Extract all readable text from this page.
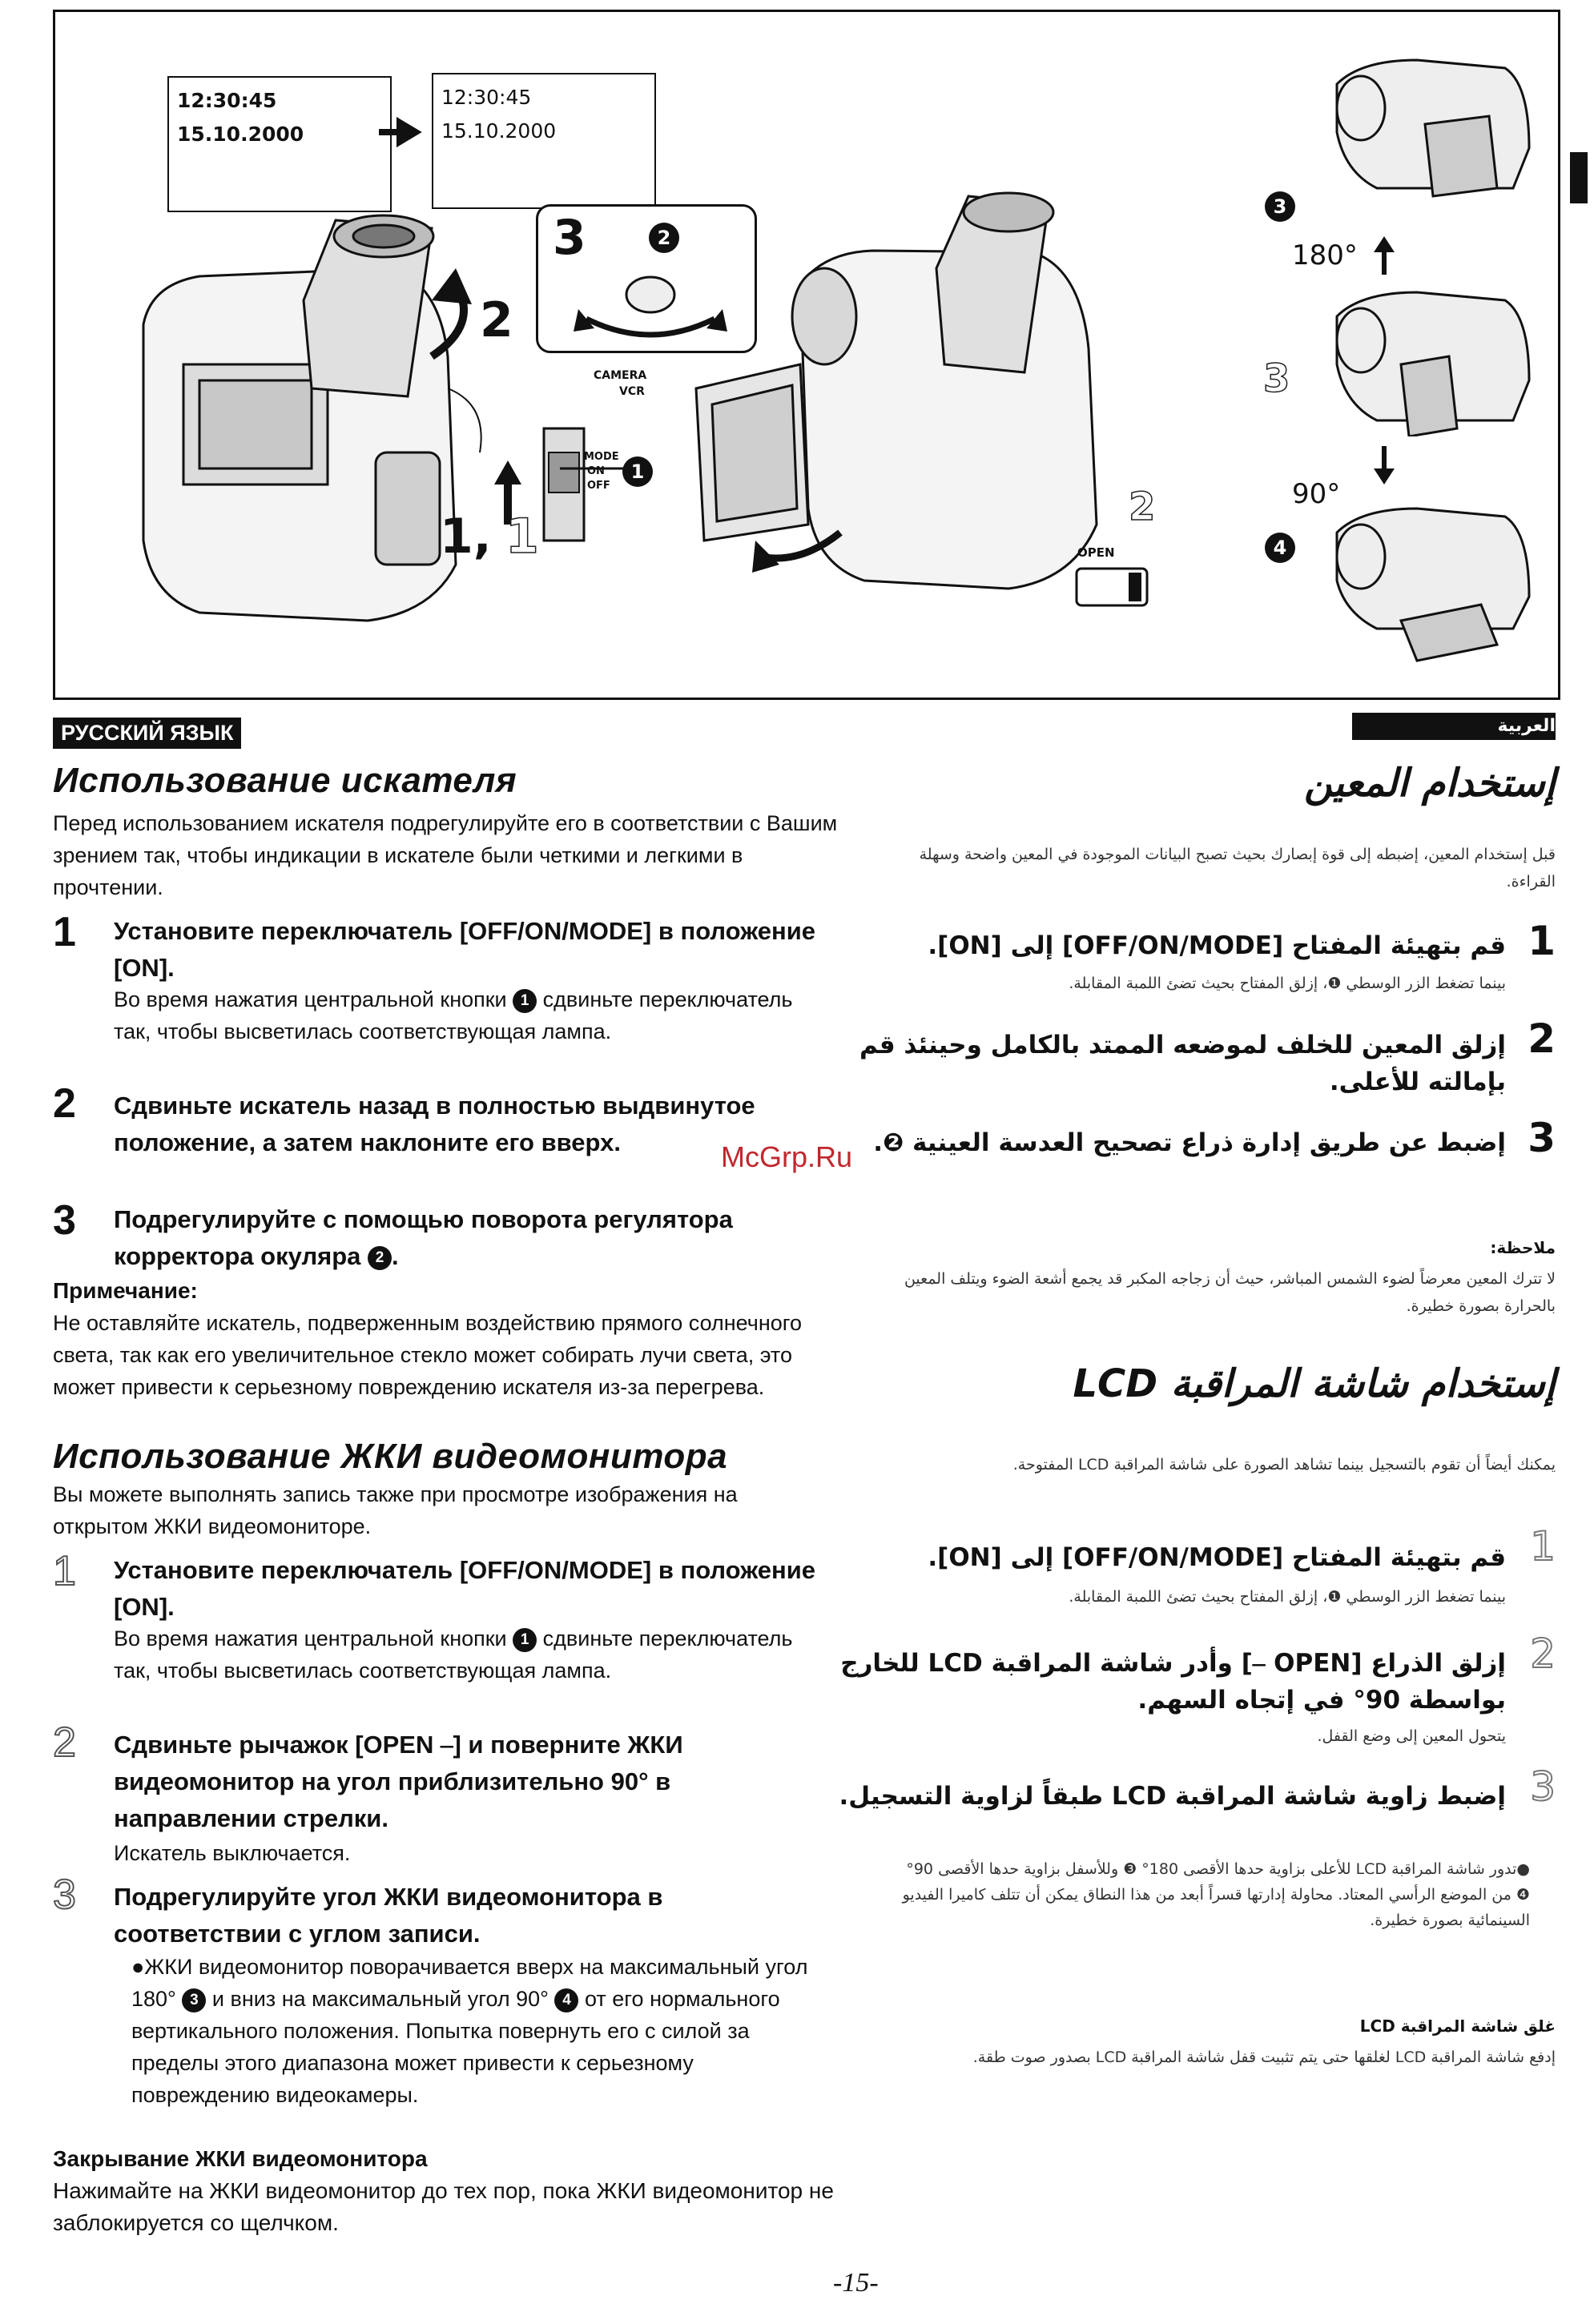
12:30:45
15.10.2000
12:30:45
15.10.2000
2
3	2
CAMERA
VCR
MODE
ON
OFF
1
1, 1
2
OPEN
3
180°
3
90°
4
РУССКИЙ ЯЗЫК
Использование искателя
Перед использованием искателя подрегулируйте его в соответствии с Вашим зрением так, чтобы индикации в искателе были четкими и легкими в прочтении.
1 Установите переключатель [OFF/ON/MODE] в положение [ON].
Во время нажатия центральной кнопки 1 сдвиньте переключатель так, чтобы высветилась соответствующая лампа.
2 Сдвиньте искатель назад в полностью выдвинутое положение, а затем наклоните его вверх.
3 Подрегулируйте с помощью поворота регулятора корректора окуляра 2 .
Примечание:
Не оставляйте искатель, подверженным воздействию прямого солнечного света, так как его увеличительное стекло может собирать лучи света, это может привести к серьезному повреждению искателя из-за перегрева.
Использование ЖКИ видеомонитора
Вы можете выполнять запись также при просмотре изображения на открытом ЖКИ видеомониторе.
1 Установите переключатель [OFF/ON/MODE] в положение [ON].
Во время нажатия центральной кнопки 1 сдвиньте переключатель так, чтобы высветилась соответствующая лампа.
2 Сдвиньте рычажок [OPEN ⎯] и поверните ЖКИ видеомонитор на угол приблизительно 90° в направлении стрелки.
Искатель выключается.
3 Подрегулируйте угол ЖКИ видеомонитора в соответствии с углом записи.
●ЖКИ видеомонитор поворачивается вверх на максимальный угол 180° 3 и вниз на максимальный угол 90° 4 от его нормального вертикального положения. Попытка повернуть его с силой за пределы этого диапазона может привести к серьезному повреждению видеокамеры.
Закрывание ЖКИ видеомонитора
Нажимайте на ЖКИ видеомонитор до тех пор, пока ЖКИ видеомонитор не заблокируется со щелчком.
العربية
إستخدام المعين
قبل إستخدام المعين، إضبطه إلى قوة إبصارك بحيث تصبح البيانات الموجودة في المعين واضحة وسهلة القراءة.
1
قم بتهيئة المفتاح [OFF/ON/MODE] إلى [ON].
بينما تضغط الزر الوسطي ❶، إزلق المفتاح بحيث تضئ اللمبة المقابلة.
2
إزلق المعين للخلف لموضعه الممتد بالكامل وحينئذ قم بإمالته للأعلى.
3
إضبط عن طريق إدارة ذراع تصحيح العدسة العينية ❷.
ملاحظة:
لا تترك المعين معرضاً لضوء الشمس المباشر، حيث أن زجاجه المكبر قد يجمع أشعة الضوء ويتلف المعين بالحرارة بصورة خطيرة.
إستخدام شاشة المراقبة LCD
يمكنك أيضاً أن تقوم بالتسجيل بينما تشاهد الصورة على شاشة المراقبة LCD المفتوحة.
1
قم بتهيئة المفتاح [OFF/ON/MODE] إلى [ON].
بينما تضغط الزر الوسطي ❶، إزلق المفتاح بحيث تضئ اللمبة المقابلة.
2
إزلق الذراع [OPEN ⎯] وأدر شاشة المراقبة LCD للخارج بواسطة 90° في إتجاه السهم.
يتحول المعين إلى وضع القفل.
3
إضبط زاوية شاشة المراقبة LCD طبقاً لزاوية التسجيل.
●تدور شاشة المراقبة LCD للأعلى بزاوية حدها الأقصى 180° ❸ وللأسفل بزاوية حدها الأقصى 90° ❹ من الموضع الرأسي المعتاد. محاولة إدارتها قسراً أبعد من هذا النطاق يمكن أن تتلف كاميرا الفيديو السينمائية بصورة خطيرة.
غلق شاشة المراقبة LCD
إدفع شاشة المراقبة LCD لغلقها حتى يتم تثبيت قفل شاشة المراقبة LCD بصدور صوت طقة.
McGrp.Ru
-15-
